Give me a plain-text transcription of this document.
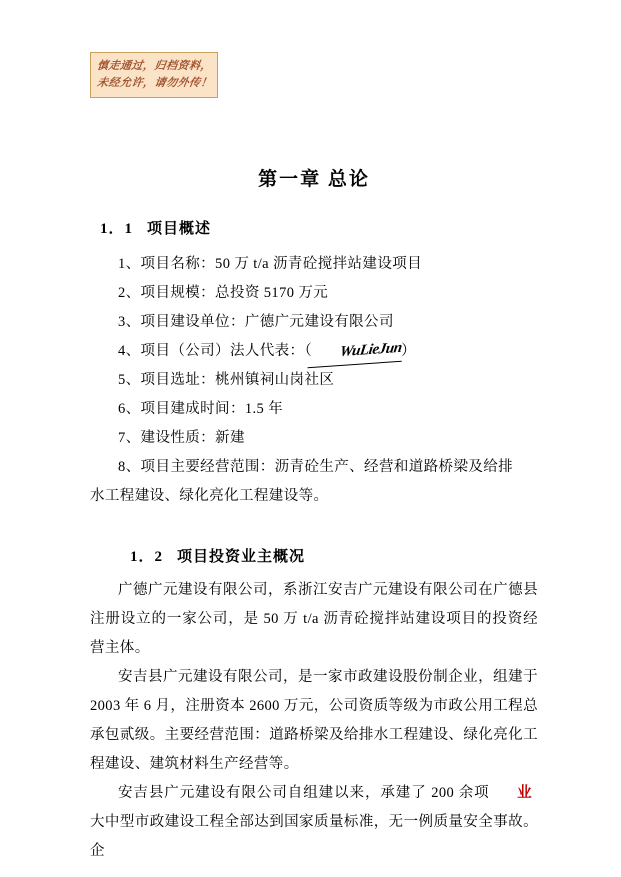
慎走通过，归档资料，
未经允许，请勿外传！
第一章 总论
1．1 项目概述

1、项目名称：50 万 t/a 沥青砼搅拌站建设项目

2、项目规模：总投资 5170 万元

3、项目建设单位：广德广元建设有限公司

4、项目（公司）法人代表：（ WuLieJun）

5、项目选址：桃州镇祠山岗社区

6、项目建成时间：1.5 年

7、建设性质：新建

8、项目主要经营范围：沥青砼生产、经营和道路桥梁及给排

水工程建设、绿化亮化工程建设等。

1．2 项目投资业主概况

广德广元建设有限公司，系浙江安吉广元建设有限公司在广德县注册设立的一家公司，是 50 万 t/a 沥青砼搅拌站建设项目的投资经营主体。

安吉县广元建设有限公司，是一家市政建设股份制企业，组建于 2003 年 6 月，注册资本 2600 万元，公司资质等级为市政公用工程总承包贰级。主要经营范围：道路桥梁及给排水工程建设、绿化亮化工程建设、建筑材料生产经营等。

业
安吉县广元建设有限公司自组建以来，承建了 200 余项大中型市政建设工程全部达到国家质量标准，无一例质量安全事故。企
